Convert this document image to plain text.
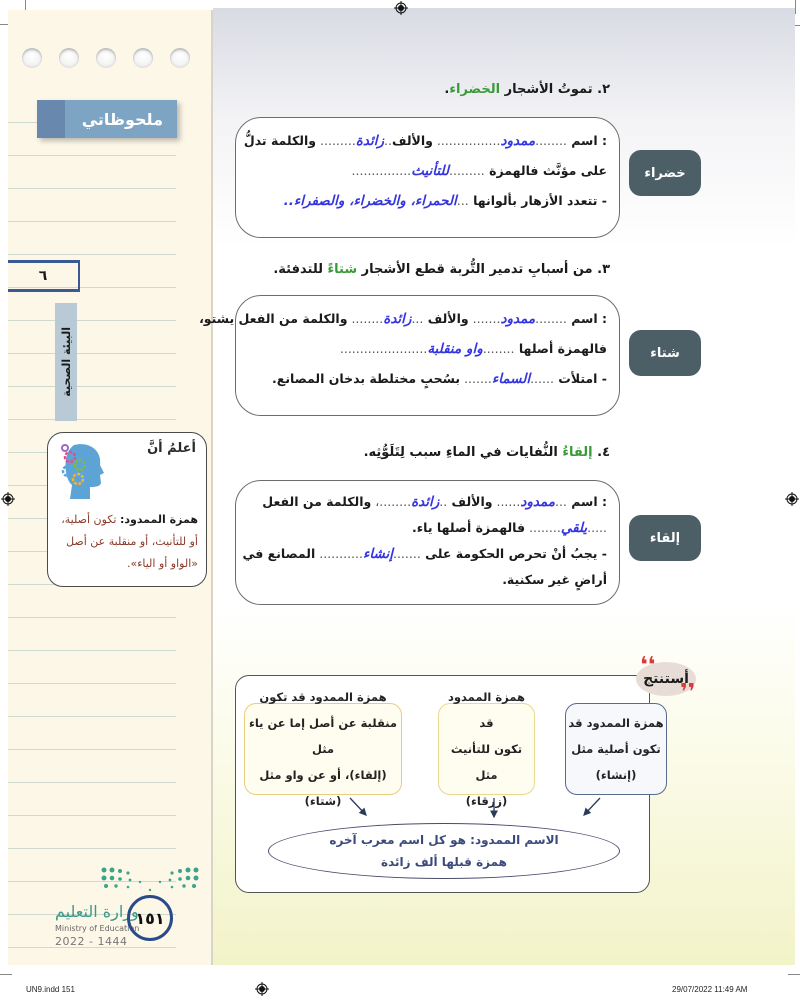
ملحوظاتي
٦
البيئة الصحية
أعلمُ أنَّ
همزة الممدود: تكون أصلية، أو للتأنيث، أو منقلبة عن أصل «الواو أو الياء».
وزارة التعليم
Ministry of Education
2022 - 1444
١٥١
٢. تموتُ الأشجار الخضراء.
: اسم ........ممدود................ والألف..زائدة......... والكلمة تدلُّ
على مؤنَّث فالهمزة .........للتأنيث...............
- تتعدد الأزهار بألوانها ...الحمراء، والخضراء، والصفراء..
خضراء
٣. من أسبابِ تدمير التُّربة قطع الأشجار شتاءً للتدفئة.
: اسم ........ممدود....... والألف ...زائدة........ والكلمة من الفعل يشتو،
فالهمزة أصلها ........واو منقلبة......................
- امتلأت ......السماء....... بسُحبٍ مختلطة بدخان المصانع.
شتاء
٤. إلقاءُ النُّفايات في الماءِ سبب لِتَلَوُّثِه.
: اسم ...ممدود...... والألف ..زائدة........، والكلمة من الفعل
.....يلقي........ فالهمزة أصلها ياء.
- يجبُ أنْ تحرص الحكومة على .......إنشاء........... المصانع في
أراضٍ غير سكنية.
إلقاء
أستنتج
❛❛
❜❜
همزة الممدود قد
تكون أصلية مثل
(إنشاء)
همزة الممدود قد
تكون للتأنيث مثل
(زرقاء)
همزة الممدود قد تكون
منقلبة عن أصل إما عن ياء مثل
(إلقاء)، أو عن واو مثل (شتاء)
الاسم الممدود: هو كل اسم معرب آخره
همزة قبلها ألف زائدة
UN9.indd 151	29/07/2022 11:49 AM
